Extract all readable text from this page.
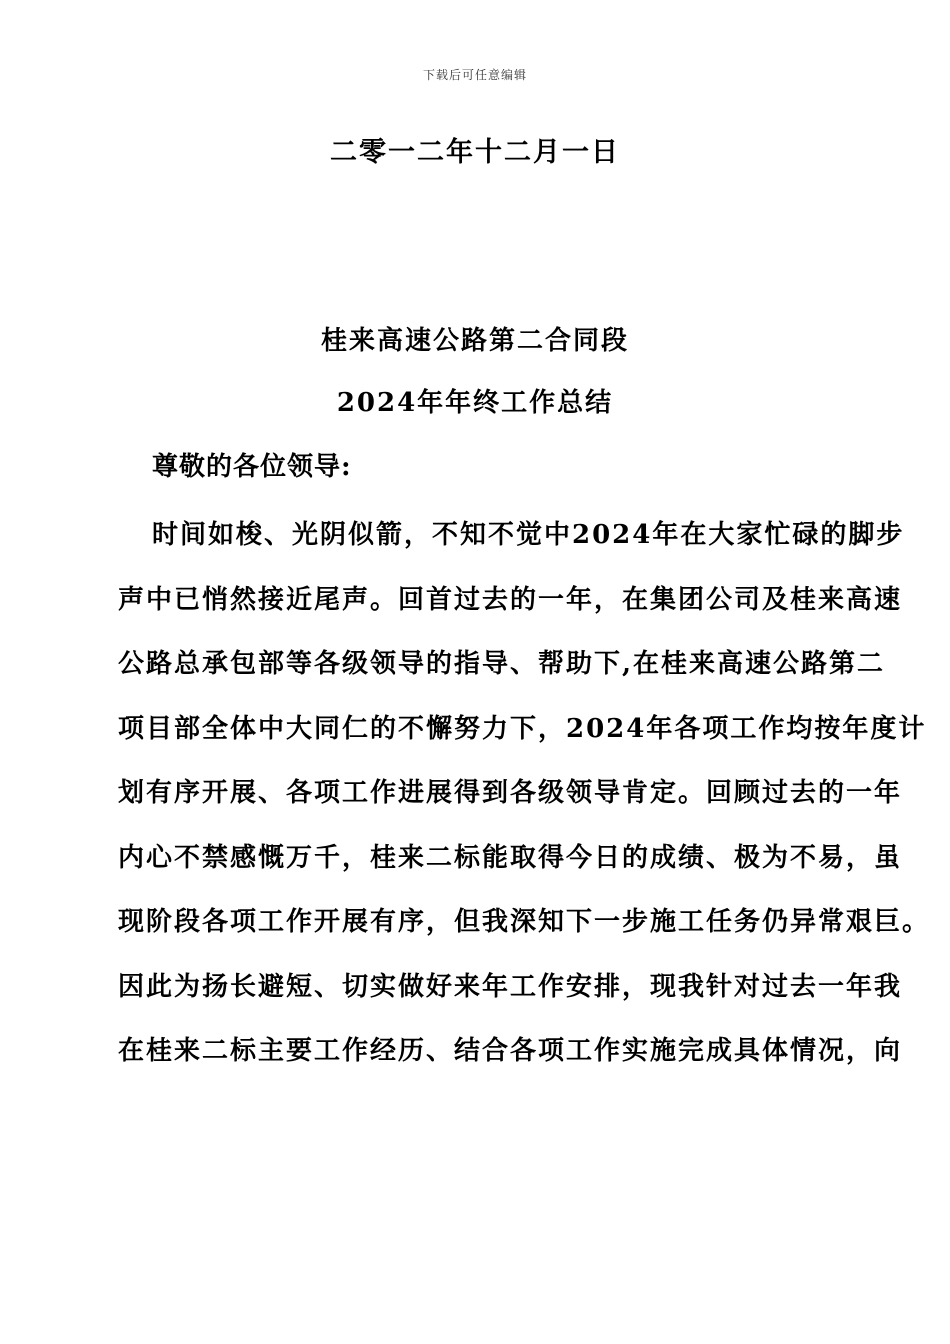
下载后可任意编辑
二零一二年十二月一日
桂来高速公路第二合同段
2024年年终工作总结
尊敬的各位领导:
时间如梭、光阴似箭，不知不觉中2024年在大家忙碌的脚步
声中已悄然接近尾声。回首过去的一年，在集团公司及桂来高速
公路总承包部等各级领导的指导、帮助下,在桂来高速公路第二
项目部全体中大同仁的不懈努力下，2024年各项工作均按年度计
划有序开展、各项工作进展得到各级领导肯定。回顾过去的一年
内心不禁感慨万千，桂来二标能取得今日的成绩、极为不易，虽
现阶段各项工作开展有序，但我深知下一步施工任务仍异常艰巨。
因此为扬长避短、切实做好来年工作安排，现我针对过去一年我
在桂来二标主要工作经历、结合各项工作实施完成具体情况，向
